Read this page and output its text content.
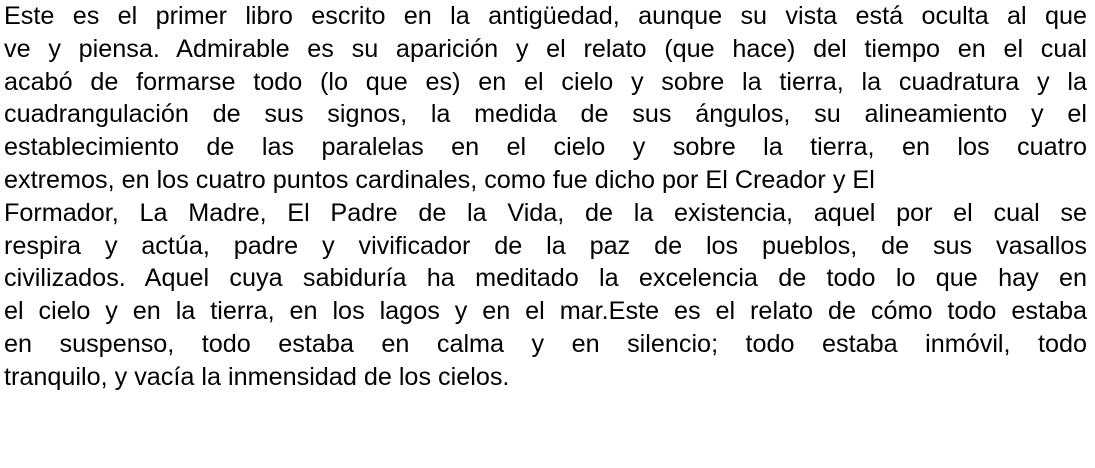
Este es el primer libro escrito en la antigüedad, aunque su vista está oculta al que
ve y piensa. Admirable es su aparición y el relato (que hace) del tiempo en el cual
acabó de formarse todo (lo que es) en el cielo y sobre la tierra, la cuadratura y la
cuadrangulación de sus signos, la medida de sus ángulos, su alineamiento y el
establecimiento de las paralelas en el cielo y sobre la tierra, en los cuatro
extremos, en los cuatro puntos cardinales, como fue dicho por El Creador y El
Formador, La Madre, El Padre de la Vida, de la existencia, aquel por el cual se
respira y actúa, padre y vivificador de la paz de los pueblos, de sus vasallos
civilizados. Aquel cuya sabiduría ha meditado la excelencia de todo lo que hay en
el cielo y en la tierra, en los lagos y en el mar.Este es el relato de cómo todo estaba
en suspenso, todo estaba en calma y en silencio; todo estaba inmóvil, todo
tranquilo, y vacía la inmensidad de los cielos.
